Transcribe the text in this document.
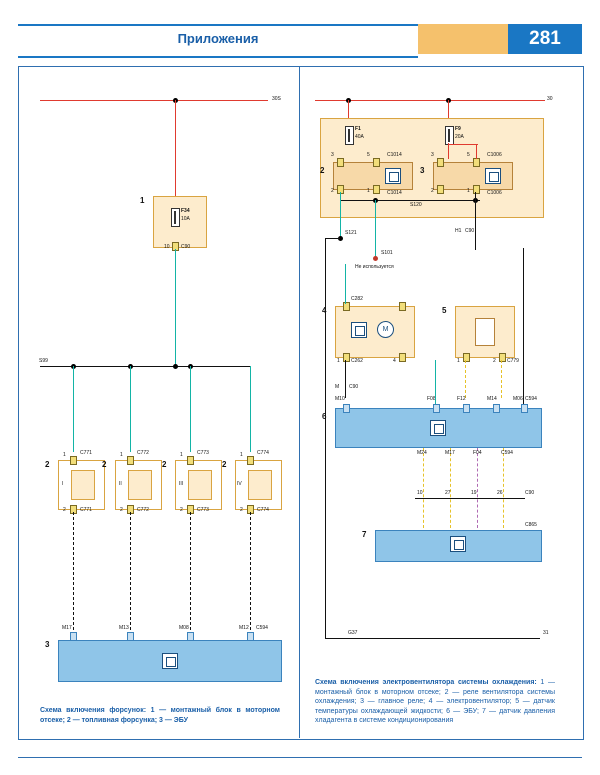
Приложения	281
30S
1
F34
10A
10 C90
S99
2
1	C771
2	C771
M17
2
1	C772
2	C772
M13
2
1	C773
2	C773
M08
2
1	C774
2	C774
M12 C594
I	II	III	IV
3
Схема включения форсунок: 1 — монтажный блок в моторном отсеке; 2 — топливная форсунка; 3 — ЭБУ
30
F1
40A
F9
20A
2
3	5
2	1
C1014
C1014
3
3	5
2	1
C1006
C1006
S120
S121
G37	31
C90
H1
S101
Не используется
4
М
C282
C262
1	4
M C90
5
1	2 C779
6
M10	F08	F12	M14	M06 C594
7
C865
C90
10	27	19	26
M24	M17	F04	C594
Схема включения электровентилятора системы охлаждения: 1 — монтажный блок в моторном отсеке; 2 — реле вентилятора системы охлаждения; 3 — главное реле; 4 — электровентилятор; 5 — датчик температуры охлаждающей жидкости; 6 — ЭБУ; 7 — датчик давления хладагента в системе кондиционирования
